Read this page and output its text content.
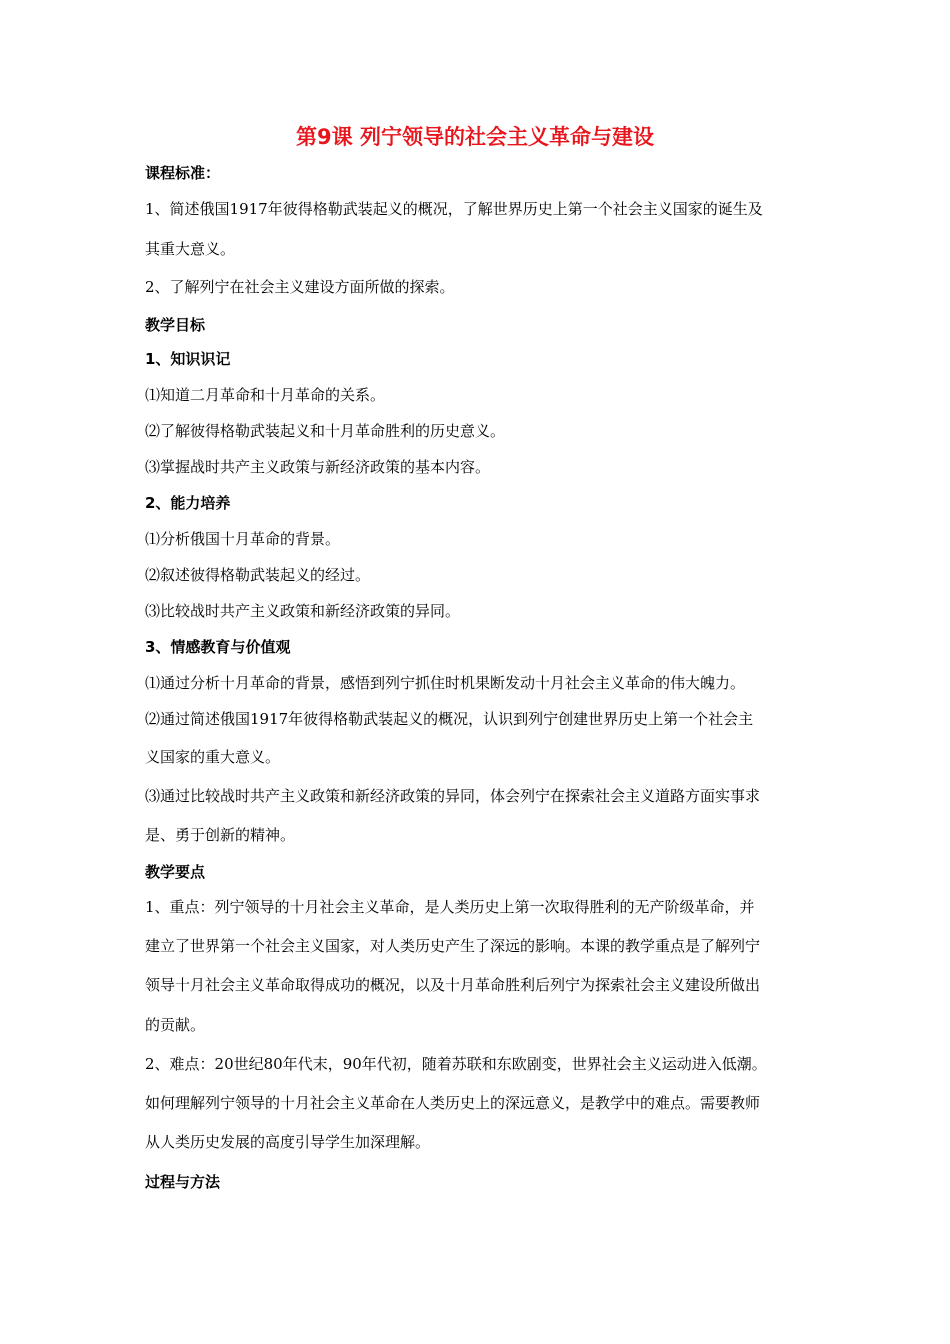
第9课 列宁领导的社会主义革命与建设
课程标准：
1、简述俄国1917年彼得格勒武装起义的概况，了解世界历史上第一个社会主义国家的诞生及
其重大意义。
2、了解列宁在社会主义建设方面所做的探索。
教学目标
1、知识识记
⑴知道二月革命和十月革命的关系。
⑵了解彼得格勒武装起义和十月革命胜利的历史意义。
⑶掌握战时共产主义政策与新经济政策的基本内容。
2、能力培养
⑴分析俄国十月革命的背景。
⑵叙述彼得格勒武装起义的经过。
⑶比较战时共产主义政策和新经济政策的异同。
3、情感教育与价值观
⑴通过分析十月革命的背景，感悟到列宁抓住时机果断发动十月社会主义革命的伟大魄力。
⑵通过简述俄国1917年彼得格勒武装起义的概况，认识到列宁创建世界历史上第一个社会主
义国家的重大意义。
⑶通过比较战时共产主义政策和新经济政策的异同，体会列宁在探索社会主义道路方面实事求
是、勇于创新的精神。
教学要点
1、重点：列宁领导的十月社会主义革命，是人类历史上第一次取得胜利的无产阶级革命，并
建立了世界第一个社会主义国家，对人类历史产生了深远的影响。本课的教学重点是了解列宁
领导十月社会主义革命取得成功的概况，以及十月革命胜利后列宁为探索社会主义建设所做出
的贡献。
2、难点：20世纪80年代末，90年代初，随着苏联和东欧剧变，世界社会主义运动进入低潮。
如何理解列宁领导的十月社会主义革命在人类历史上的深远意义，是教学中的难点。需要教师
从人类历史发展的高度引导学生加深理解。
过程与方法
